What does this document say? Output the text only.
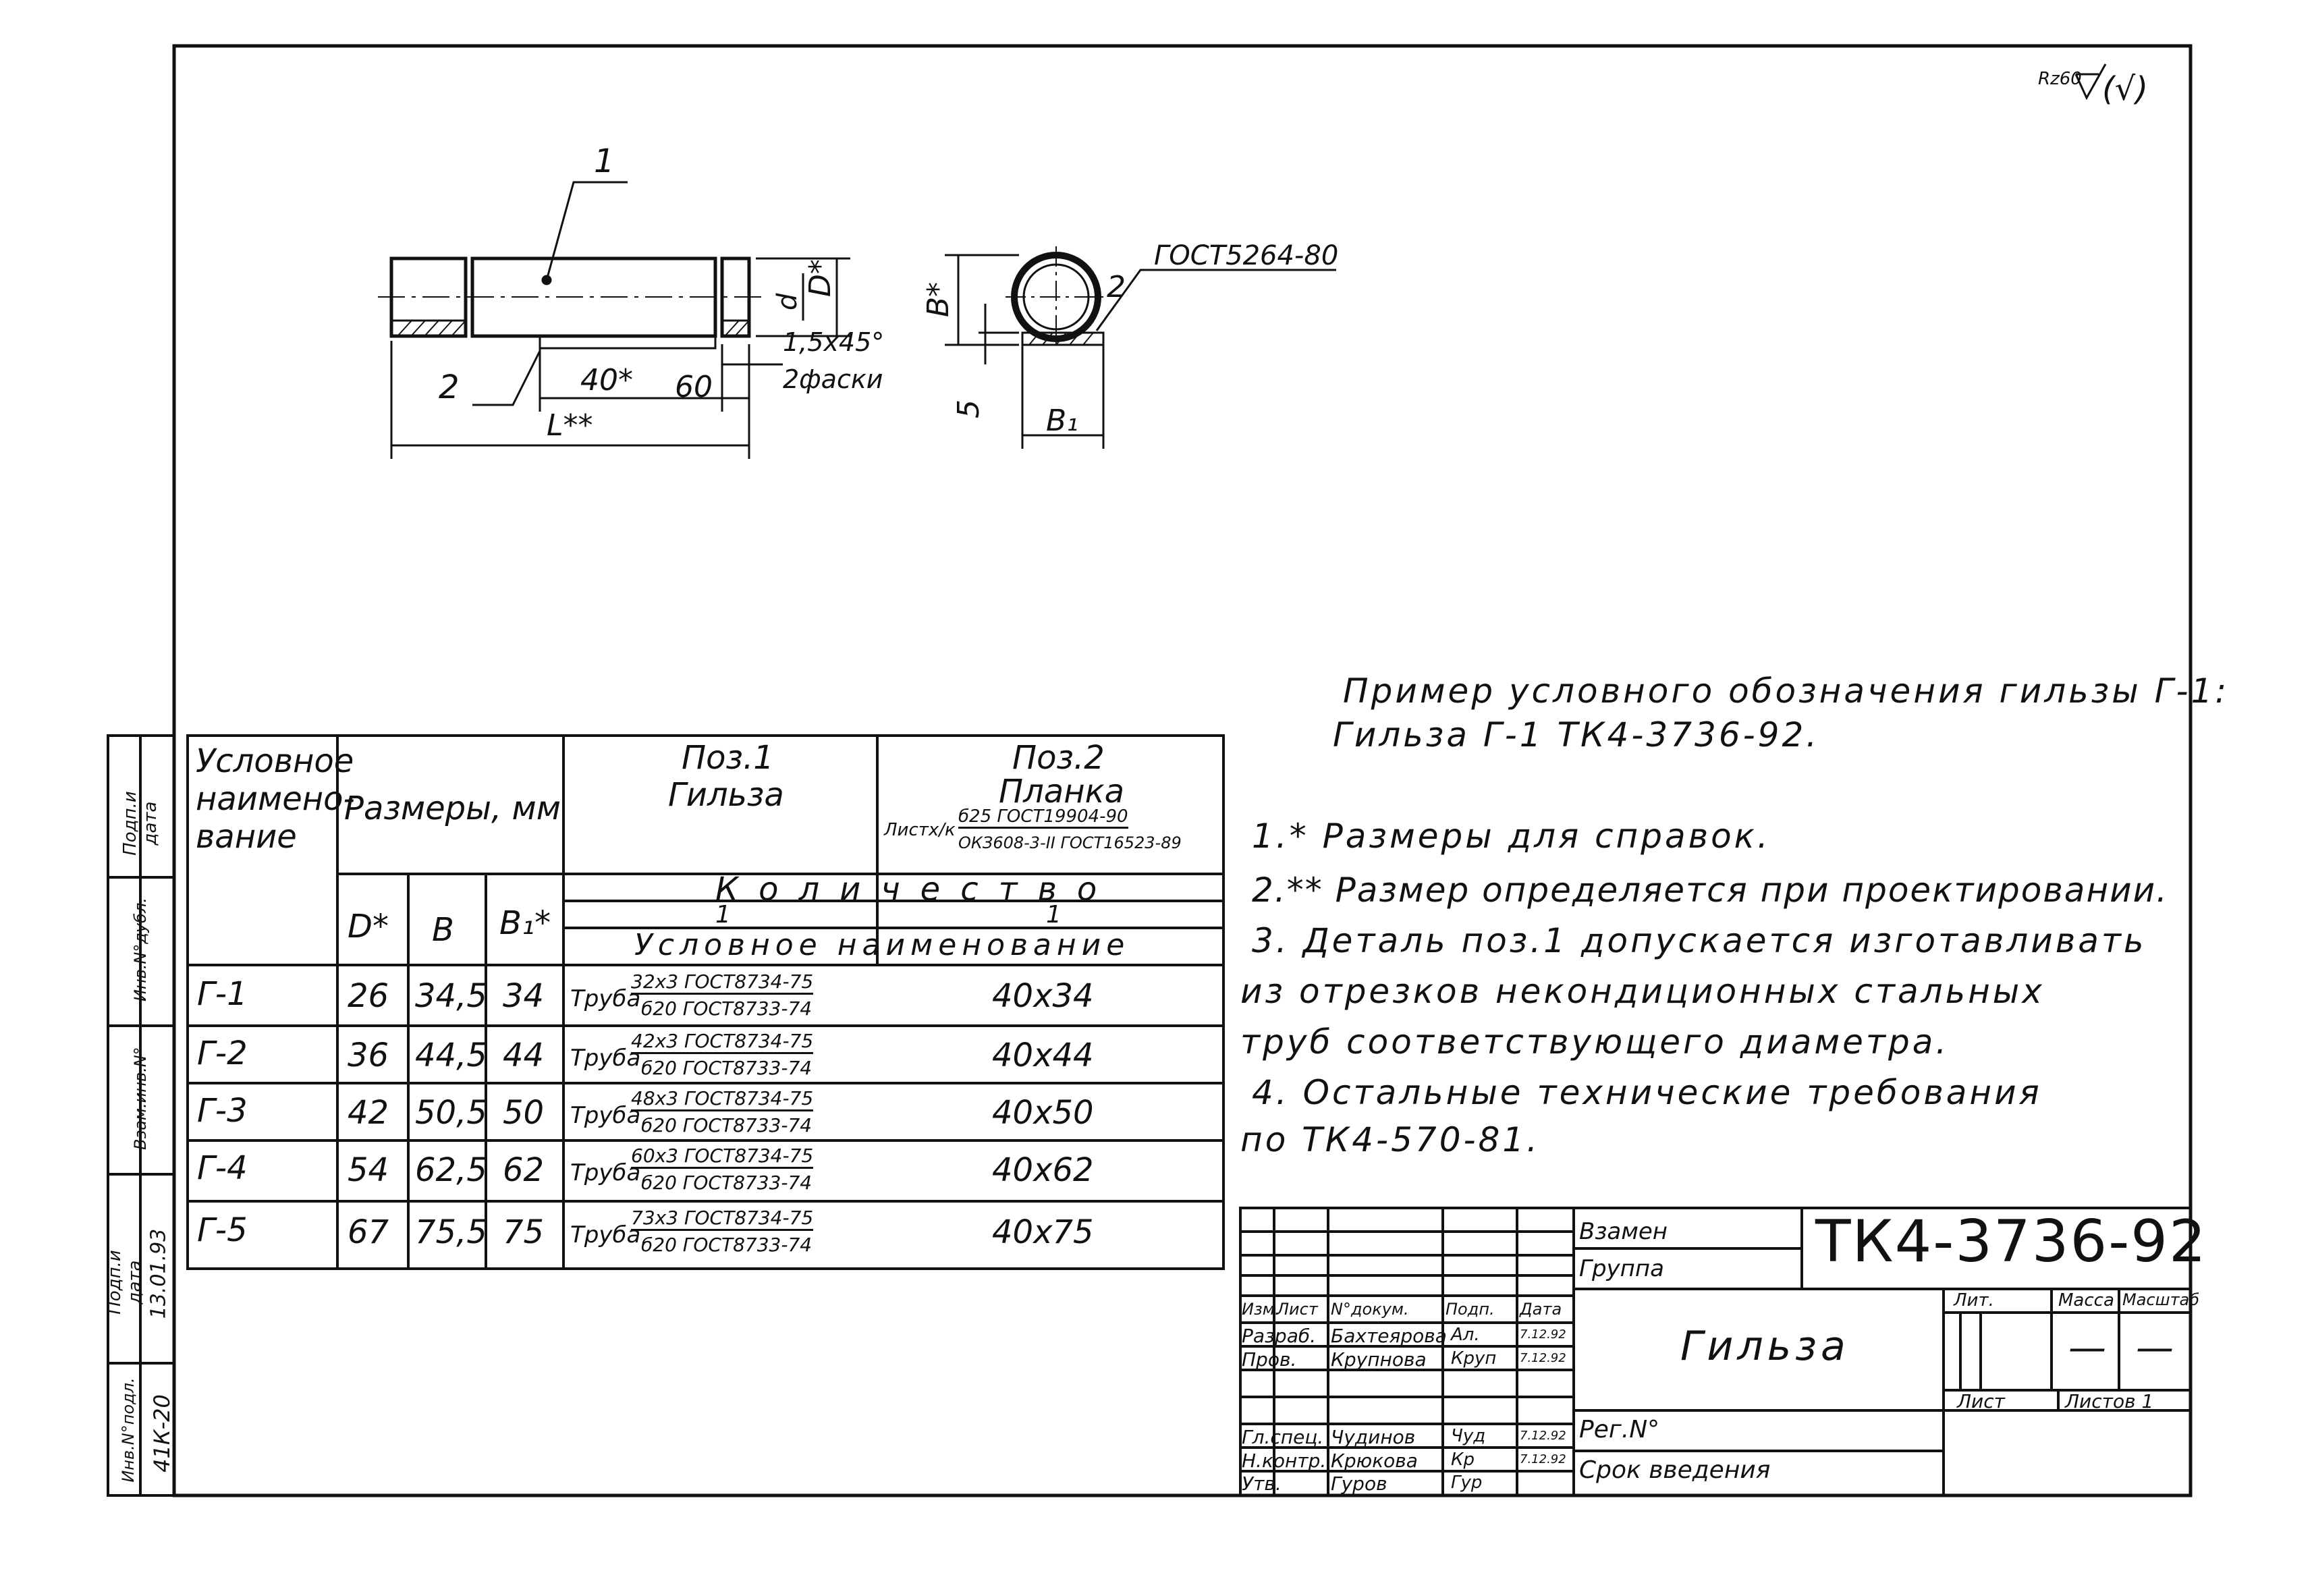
Rz60 (√)
1
2	40* 60
L**
1,5x45°
2фаски
D*
d	B*
5 B₁
2
ГОСТ5264-80
Условное
наимено-
вание
Размеры, мм
Поз.1
Гильза
Поз.2
Планка
Листх/к
б25 ГОСТ19904-90
ОКЗ608-3-II ГОСТ16523-89
Количество
1	1
Условное наименование
D* B B₁*
Г-1	26 34,5 34 Труба
32х3 ГОСТ8734-75
б20 ГОСТ8733-74	40х34
Г-2	36 44,5 44 Труба
42х3 ГОСТ8734-75
б20 ГОСТ8733-74	40х44
Г-3	42 50,5 50 Труба
48х3 ГОСТ8734-75
б20 ГОСТ8733-74	40х50
Г-4	54 62,5 62 Труба
60х3 ГОСТ8734-75
б20 ГОСТ8733-74	40х62
Г-5	67 75,5 75 Труба
73х3 ГОСТ8734-75
б20 ГОСТ8733-74	40х75
Пример условного обозначения гильзы Г-1:
Гильза Г-1 ТК4-3736-92.
1.* Размеры для справок.
2.** Размер определяется при проектировании.
3. Деталь поз.1 допускается изготавливать
из отрезков некондиционных стальных
труб соответствующего диаметра.
4. Остальные технические требования
по ТК4-570-81.
Взамен
Группа	ТК4-3736-92
Гильза
Рег.N°
Срок введения
Лит.	Масса Масштаб
— —
Лист	Листов 1
Изм.
Лист N°докум. Подп. Дата
Разраб. Бахтеярова Ал.	7.12.92
Пров. Крупнова Круп 7.12.92
Гл.спец. Чудинов Чуд	7.12.92
Н.контр. Крюкова Кр	7.12.92
Утв.	Гуров	Гур
Подп.и дата
Инв.N°дубл.
Взам.инв.N°
Подп.и дата 13.01.93
Инв.N°подл. 41К-20
